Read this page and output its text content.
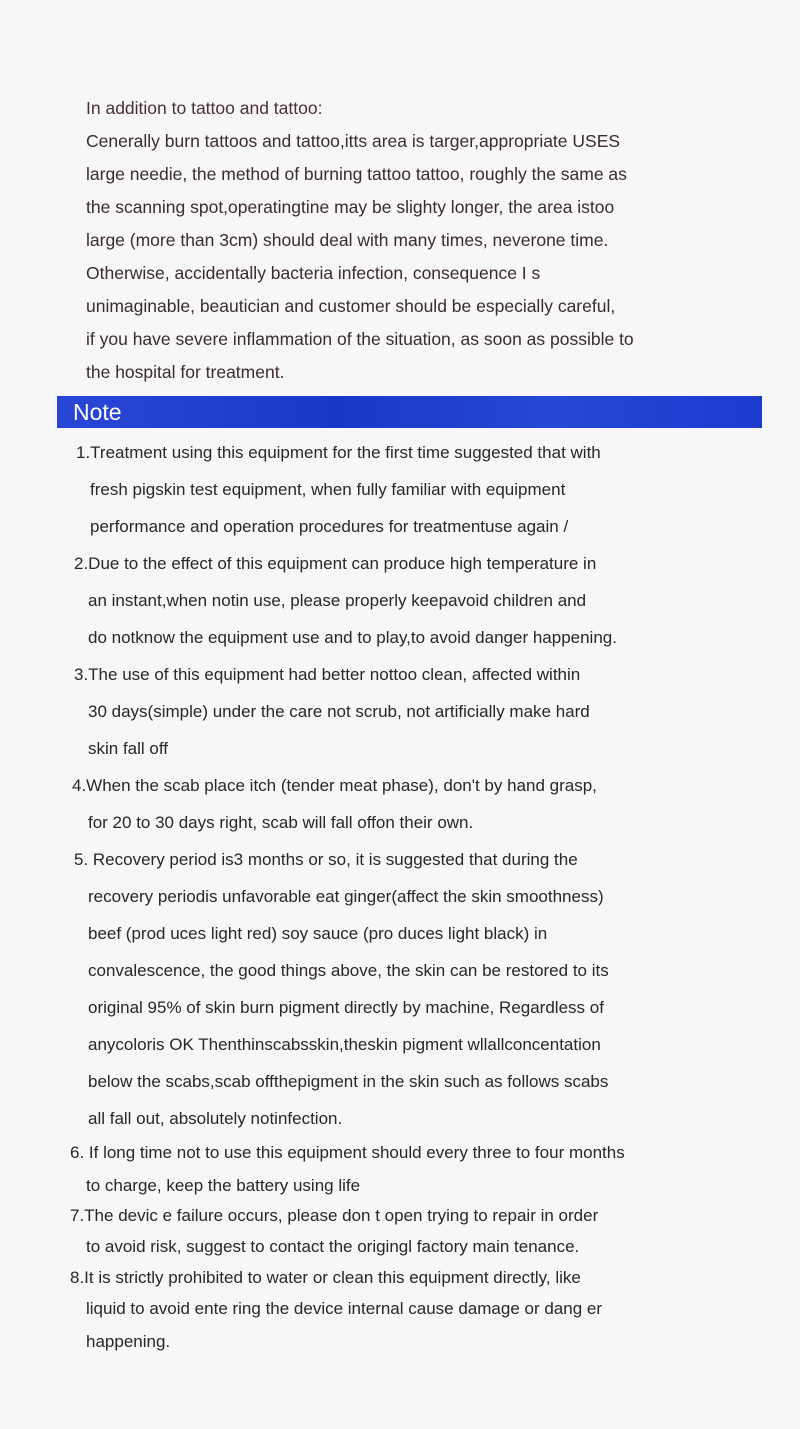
In addition to tattoo and tattoo:

Cenerally burn tattoos and tattoo,itts area is targer,appropriate USES

large needie, the method of burning tattoo tattoo, roughly the same as

the scanning spot,operatingtine may be slighty longer, the area istoo

large (more than 3cm) should deal with many times, neverone time.

Otherwise, accidentally bacteria infection, consequence I s

unimaginable, beautician and customer should be especially careful,

if you have severe inflammation of the situation, as soon as possible to

the hospital for treatment.

Note
1.Treatment using this equipment for the first time suggested that with
fresh pigskin test equipment, when fully familiar with equipment
performance and operation procedures for treatmentuse again /
2.Due to the effect of this equipment can produce high temperature in
an instant,when notin use, please properly keepavoid children and
do notknow the equipment use and to play,to avoid danger happening.
3.The use of this equipment had better nottoo clean, affected within
30 days(simple) under the care not scrub, not artificially make hard
skin fall off
4.When the scab place itch (tender meat phase), don't by hand grasp,
for 20 to 30 days right, scab will fall offon their own.
5. Recovery period is3 months or so, it is suggested that during the
recovery periodis unfavorable eat ginger(affect the skin smoothness)
beef (prod uces light red) soy sauce (pro duces light black) in
convalescence, the good things above, the skin can be restored to its
original 95% of skin burn pigment directly by machine, Regardless of
anycoloris OK Thenthinscabsskin,theskin pigment wllallconcentation
below the scabs,scab offthepigment in the skin such as follows scabs
all fall out, absolutely notinfection.
6. If long time not to use this equipment should every three to four months
to charge, keep the battery using life
7.The devic e failure occurs, please don t open trying to repair in order
to avoid risk, suggest to contact the origingl factory main tenance.
8.It is strictly prohibited to water or clean this equipment directly, like
liquid to avoid ente ring the device internal cause damage or dang er
happening.
